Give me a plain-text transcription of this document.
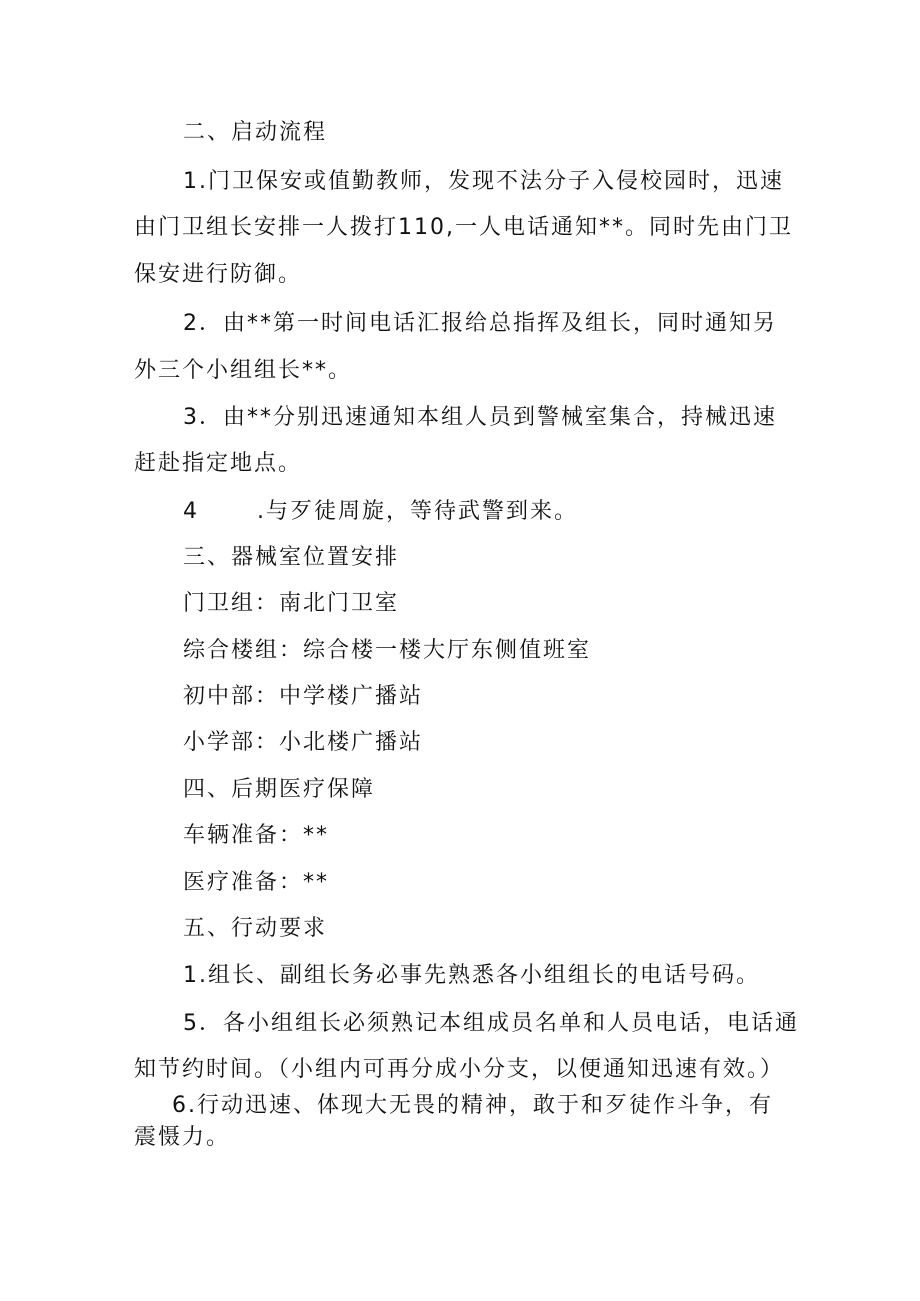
二、启动流程

1.门卫保安或值勤教师，发现不法分子入侵校园时，迅速

由门卫组长安排一人拨打110,一人电话通知**。同时先由门卫

保安进行防御。

2．由**第一时间电话汇报给总指挥及组长，同时通知另

外三个小组组长**。

3．由**分别迅速通知本组人员到警械室集合，持械迅速

赶赴指定地点。

4	.与歹徒周旋，等待武警到来。

三、器械室位置安排

门卫组：南北门卫室

综合楼组：综合楼一楼大厅东侧值班室

初中部：中学楼广播站

小学部：小北楼广播站

四、后期医疗保障

车辆准备：**

医疗准备：**

五、行动要求

1.组长、副组长务必事先熟悉各小组组长的电话号码。

5．各小组组长必须熟记本组成员名单和人员电话，电话通

知节约时间。（小组内可再分成小分支，以便通知迅速有效。）

6.行动迅速、体现大无畏的精神，敢于和歹徒作斗争，有

震慑力。
